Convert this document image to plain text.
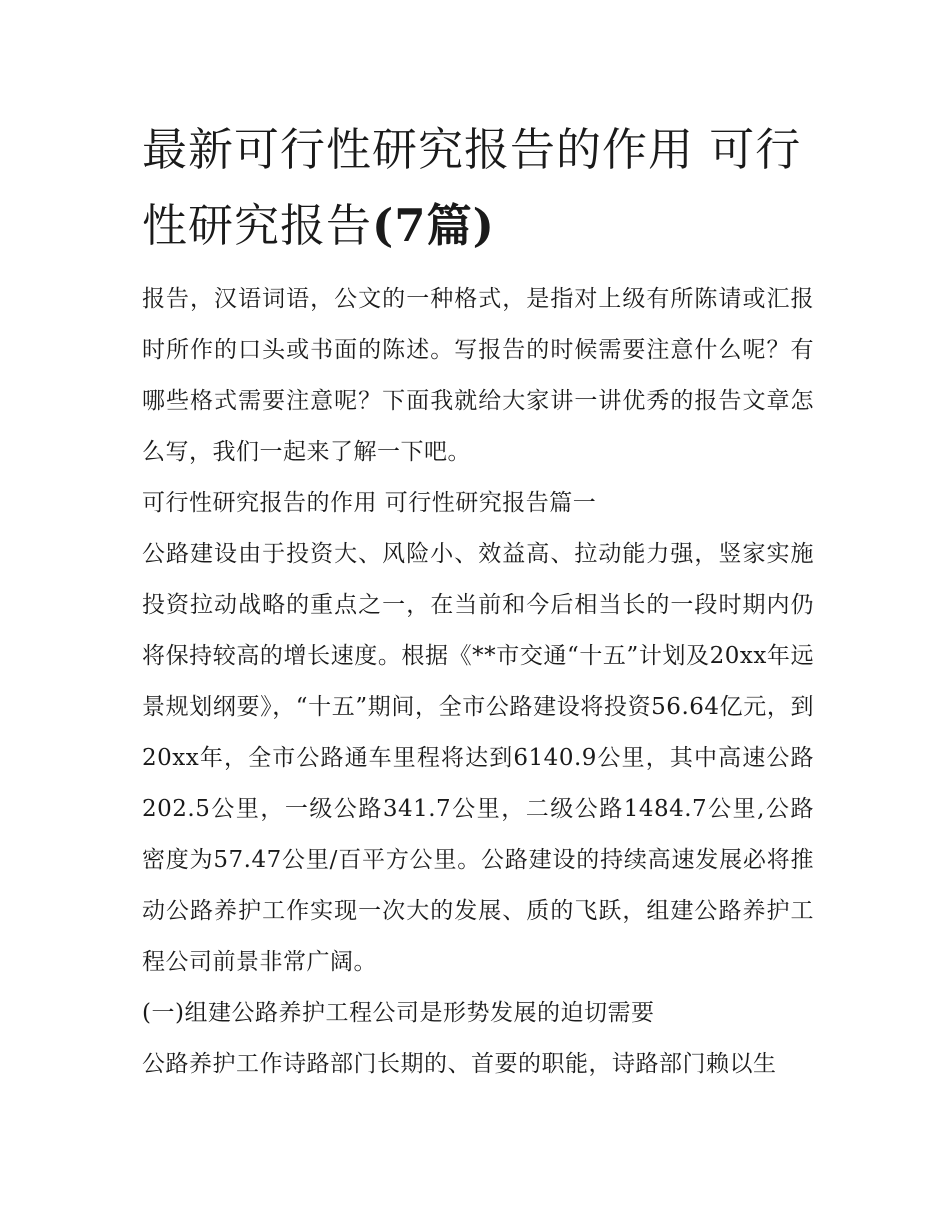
最新可行性研究报告的作用 可行性研究报告(7篇)

报告，汉语词语，公文的一种格式，是指对上级有所陈请或汇报时所作的口头或书面的陈述。写报告的时候需要注意什么呢？有哪些格式需要注意呢？下面我就给大家讲一讲优秀的报告文章怎么写，我们一起来了解一下吧。

可行性研究报告的作用 可行性研究报告篇一

公路建设由于投资大、风险小、效益高、拉动能力强，竖家实施投资拉动战略的重点之一，在当前和今后相当长的一段时期内仍将保持较高的增长速度。根据《**市交通“十五”计划及20xx年远景规划纲要》，“十五”期间，全市公路建设将投资56.64亿元，到20xx年，全市公路通车里程将达到6140.9公里，其中高速公路202.5公里，一级公路341.7公里，二级公路1484.7公里,公路密度为57.47公里/百平方公里。公路建设的持续高速发展必将推动公路养护工作实现一次大的发展、质的飞跃，组建公路养护工程公司前景非常广阔。

(一)组建公路养护工程公司是形势发展的迫切需要

公路养护工作诗路部门长期的、首要的职能，诗路部门赖以生
